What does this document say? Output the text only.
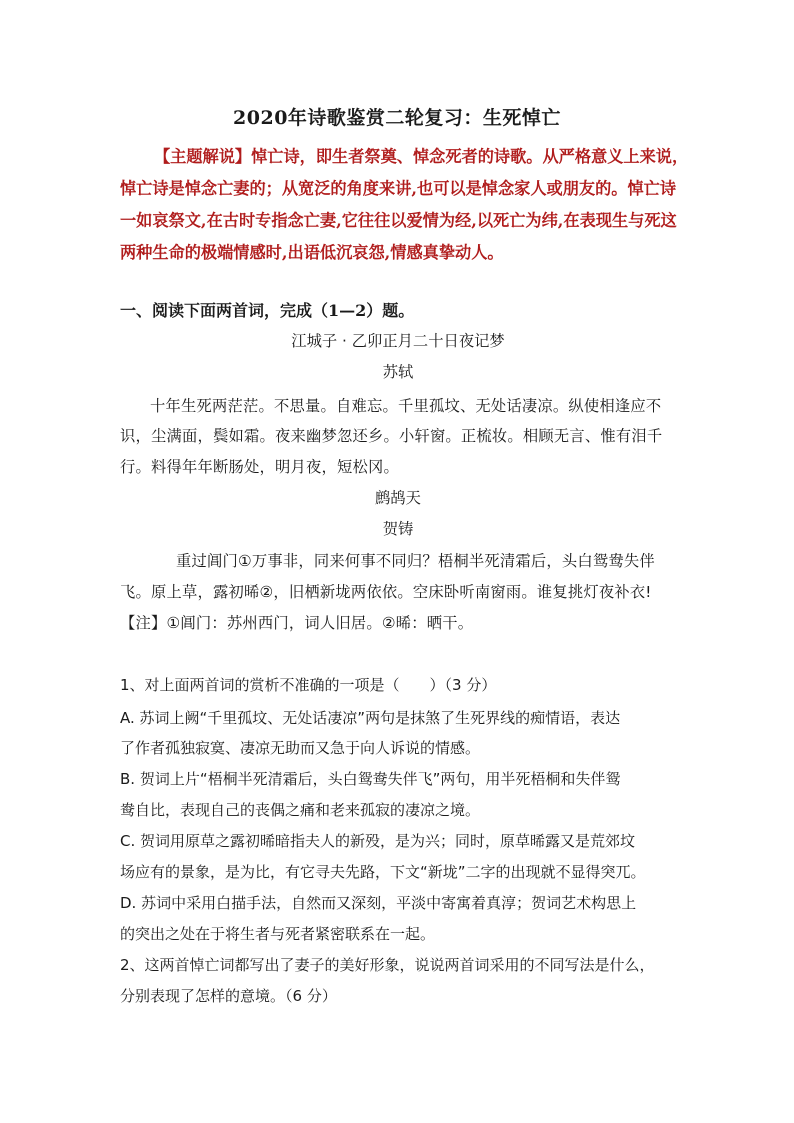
2020年诗歌鉴赏二轮复习：生死悼亡

【主题解说】悼亡诗，即生者祭奠、悼念死者的诗歌。从严格意义上来说，

悼亡诗是悼念亡妻的；从宽泛的角度来讲,也可以是悼念家人或朋友的。悼亡诗

一如哀祭文,在古时专指念亡妻,它往往以爱情为经,以死亡为纬,在表现生与死这

两种生命的极端情感时,出语低沉哀怨,情感真挚动人。

一、阅读下面两首词，完成（1—2）题。
江城子 · 乙卯正月二十日夜记梦
苏轼
十年生死两茫茫。不思量。自难忘。千里孤坟、无处话凄凉。纵使相逢应不
识，尘满面，鬓如霜。夜来幽梦忽还乡。小轩窗。正梳妆。相顾无言、惟有泪千
行。料得年年断肠处，明月夜，短松冈。
鹧鸪天
贺铸
重过阊门①万事非，同来何事不同归？梧桐半死清霜后，头白鸳鸯失伴
飞。原上草，露初晞②，旧栖新垅两依依。空床卧听南窗雨。谁复挑灯夜补衣!
【注】①阊门：苏州西门，词人旧居。②晞：晒干。
1、对上面两首词的赏析不准确的一项是（　　）（3 分）
A. 苏词上阙“千里孤坟、无处话凄凉”两句是抹煞了生死界线的痴情语，表达
了作者孤独寂寞、凄凉无助而又急于向人诉说的情感。
B. 贺词上片“梧桐半死清霜后，头白鸳鸯失伴飞”两句，用半死梧桐和失伴鸳
鸯自比，表现自己的丧偶之痛和老来孤寂的凄凉之境。
C. 贺词用原草之露初晞暗指夫人的新殁，是为兴；同时，原草晞露又是荒郊坟
场应有的景象，是为比，有它寻夫先路，下文“新垅”二字的出现就不显得突兀。
D. 苏词中采用白描手法，自然而又深刻，平淡中寄寓着真淳；贺词艺术构思上
的突出之处在于将生者与死者紧密联系在一起。
2、这两首悼亡词都写出了妻子的美好形象，说说两首词采用的不同写法是什么，
分别表现了怎样的意境。（6 分）
